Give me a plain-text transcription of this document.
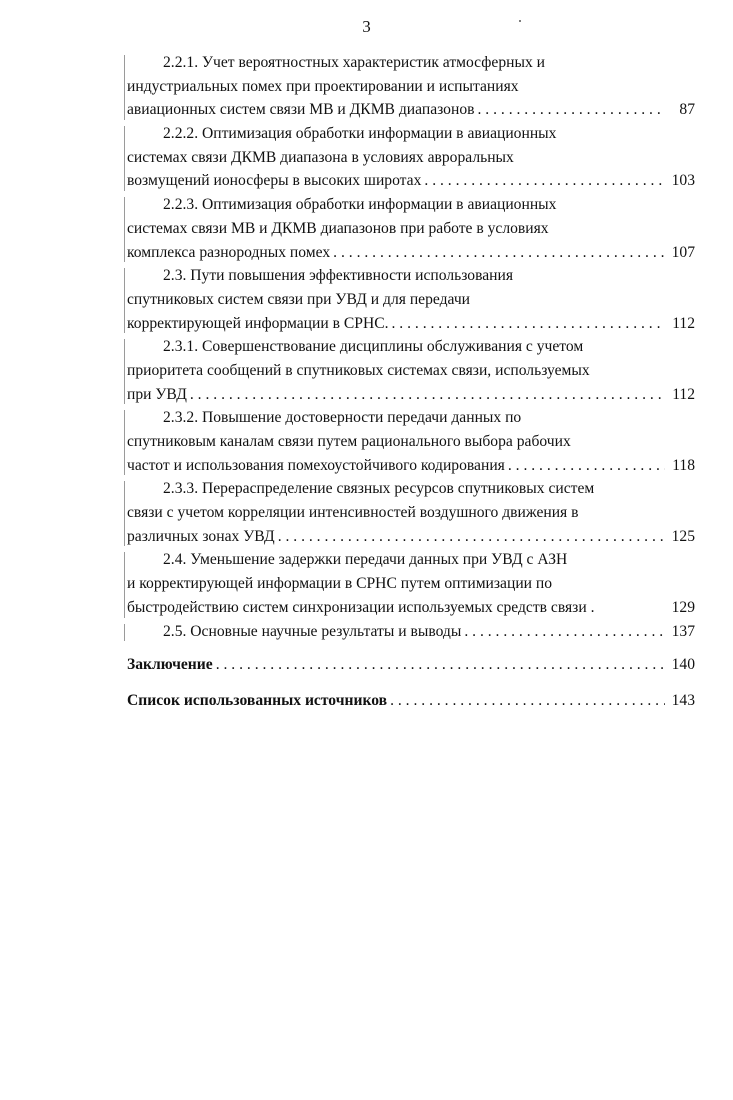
3
2.2.1. Учет вероятностных характеристик атмосферных и
индустриальных помех при проектировании и испытаниях
авиационных систем связи МВ и ДКМВ диапазонов . . .	87
2.2.2. Оптимизация обработки информации в авиационных
системах связи ДКМВ диапазона в условиях авроральных
возмущений ионосферы в высоких широтах . . .	103
2.2.3. Оптимизация обработки информации в авиационных
системах связи МВ и ДКМВ диапазонов при работе в условиях
комплекса разнородных помех . . .	107
2.3. Пути повышения эффективности использования
спутниковых систем связи при УВД и для передачи
корректирующей информации в СРНС. . . .	112
2.3.1. Совершенствование дисциплины обслуживания с учетом
приоритета сообщений в спутниковых системах связи, используемых
при УВД . . .	112
2.3.2. Повышение достоверности передачи данных по
спутниковым каналам связи путем рационального выбора рабочих
частот и использования помехоустойчивого кодирования . . .	118
2.3.3. Перераспределение связных ресурсов спутниковых систем
связи с учетом корреляции интенсивностей воздушного движения в
различных зонах УВД . . .	125
2.4. Уменьшение задержки передачи данных при УВД с АЗН
и корректирующей информации в СРНС путем оптимизации по
быстродействию систем синхронизации используемых средств связи .	129
2.5. Основные научные результаты и выводы . . .	137
Заключение . . .	140
Список использованных источников . . .	143
